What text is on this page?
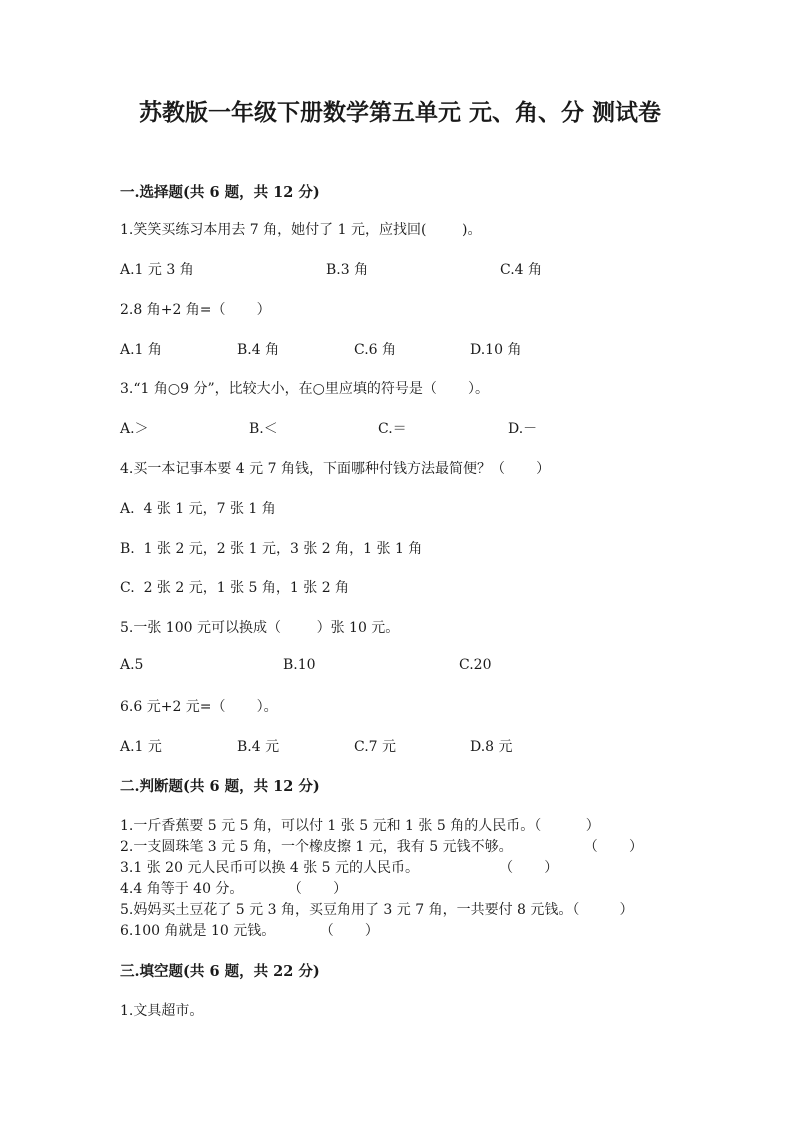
苏教版一年级下册数学第五单元 元、角、分 测试卷
一.选择题(共 6 题，共 12 分)
1.笑笑买练习本用去 7 角，她付了 1 元，应找回(        )。
A.1 元 3 角	B.3 角	C.4 角
2.8 角+2 角=（       ）
A.1 角	B.4 角	C.6 角	D.10 角
3.“1 角○9 分”，比较大小，在○里应填的符号是（       ）。
A.＞	B.＜	C.＝	D.－
4.买一本记事本要 4 元 7 角钱，下面哪种付钱方法最简便？（       ）
A.  4 张 1 元，7 张 1 角
B.  1 张 2 元，2 张 1 元，3 张 2 角，1 张 1 角
C.  2 张 2 元，1 张 5 角，1 张 2 角
5.一张 100 元可以换成（        ）张 10 元。
A.5	B.10	C.20
6.6 元+2 元=（       ）。
A.1 元	B.4 元	C.7 元	D.8 元
二.判断题(共 6 题，共 12 分)
1.一斤香蕉要 5 元 5 角，可以付 1 张 5 元和 1 张 5 角的人民币。（          ）
2.一支圆珠笔 3 元 5 角，一个橡皮擦 1 元，我有 5 元钱不够。                （       ）
3.1 张 20 元人民币可以换 4 张 5 元的人民币。                  （       ）
4.4 角等于 40 分。          （       ）
5.妈妈买土豆花了 5 元 3 角，买豆角用了 3 元 7 角，一共要付 8 元钱。（         ）
6.100 角就是 10 元钱。          （       ）
三.填空题(共 6 题，共 22 分)
1.文具超市。
